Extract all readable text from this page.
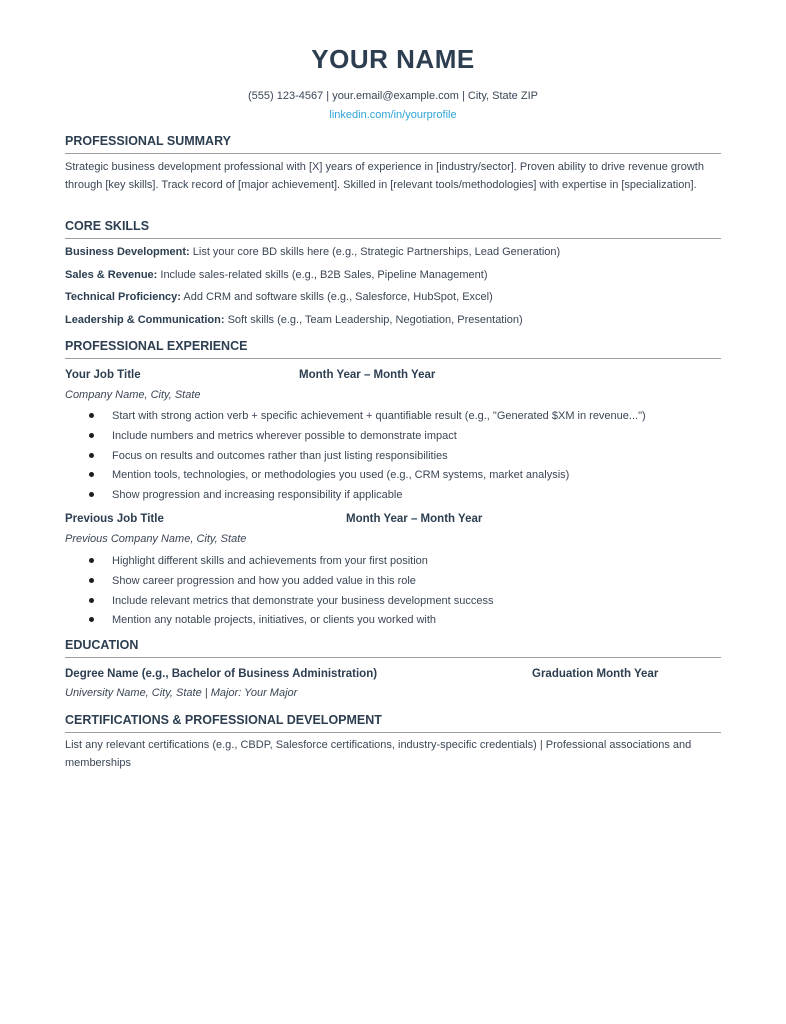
YOUR NAME
(555) 123-4567 | your.email@example.com | City, State ZIP
linkedin.com/in/yourprofile
PROFESSIONAL SUMMARY
Strategic business development professional with [X] years of experience in [industry/sector]. Proven ability to drive revenue growth through [key skills]. Track record of [major achievement]. Skilled in [relevant tools/methodologies] with expertise in [specialization].
CORE SKILLS
Business Development: List your core BD skills here (e.g., Strategic Partnerships, Lead Generation)
Sales & Revenue: Include sales-related skills (e.g., B2B Sales, Pipeline Management)
Technical Proficiency: Add CRM and software skills (e.g., Salesforce, HubSpot, Excel)
Leadership & Communication: Soft skills (e.g., Team Leadership, Negotiation, Presentation)
PROFESSIONAL EXPERIENCE
Your Job Title	Month Year – Month Year
Company Name, City, State
Start with strong action verb + specific achievement + quantifiable result (e.g., "Generated $XM in revenue...")
Include numbers and metrics wherever possible to demonstrate impact
Focus on results and outcomes rather than just listing responsibilities
Mention tools, technologies, or methodologies you used (e.g., CRM systems, market analysis)
Show progression and increasing responsibility if applicable
Previous Job Title	Month Year – Month Year
Previous Company Name, City, State
Highlight different skills and achievements from your first position
Show career progression and how you added value in this role
Include relevant metrics that demonstrate your business development success
Mention any notable projects, initiatives, or clients you worked with
EDUCATION
Degree Name (e.g., Bachelor of Business Administration)	Graduation Month Year
University Name, City, State | Major: Your Major
CERTIFICATIONS & PROFESSIONAL DEVELOPMENT
List any relevant certifications (e.g., CBDP, Salesforce certifications, industry-specific credentials) | Professional associations and memberships
